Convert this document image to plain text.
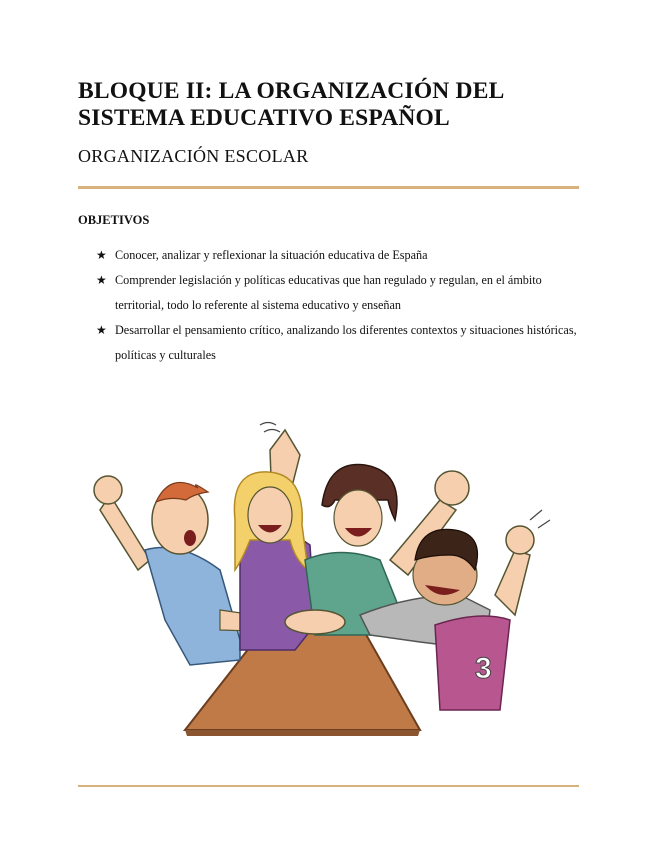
BLOQUE II: LA ORGANIZACIÓN DEL
SISTEMA EDUCATIVO ESPAÑOL
ORGANIZACIÓN ESCOLAR
OBJETIVOS
★ Conocer, analizar y reflexionar la situación educativa de España
★ Comprender legislación y políticas educativas que han regulado y regulan, en el ámbito territorial, todo lo referente al sistema educativo y enseñan
★ Desarrollar el pensamiento crítico, analizando los diferentes contextos y situaciones históricas, políticas y culturales
3
